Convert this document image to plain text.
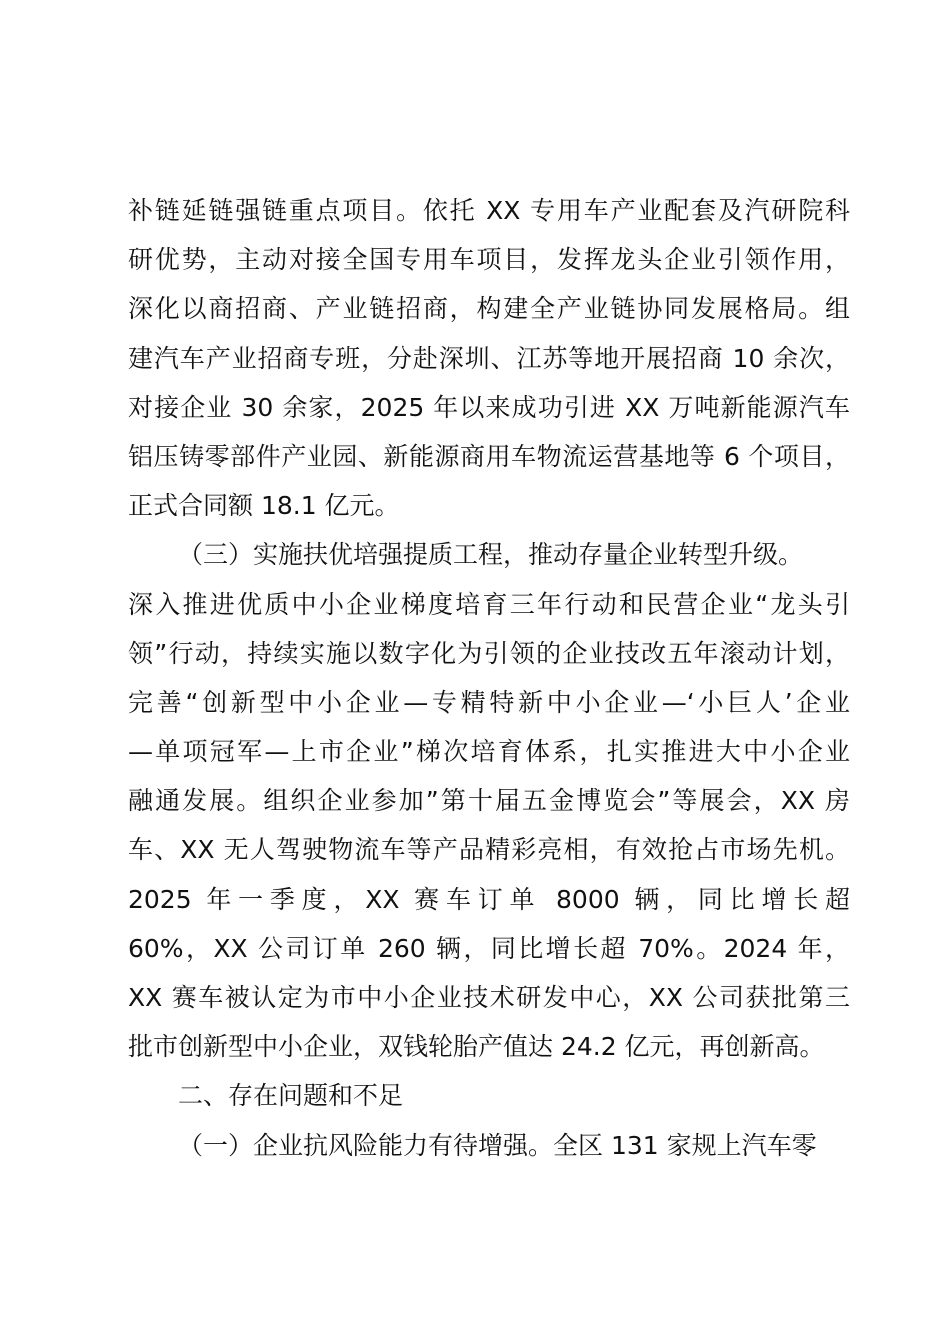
补链延链强链重点项目。依托 XX 专用车产业配套及汽研院科
研优势，主动对接全国专用车项目，发挥龙头企业引领作用，
深化以商招商、产业链招商，构建全产业链协同发展格局。组
建汽车产业招商专班，分赴深圳、江苏等地开展招商 10 余次，
对接企业 30 余家，2025 年以来成功引进 XX 万吨新能源汽车
铝压铸零部件产业园、新能源商用车物流运营基地等 6 个项目，
正式合同额 18.1 亿元。
（三）实施扶优培强提质工程，推动存量企业转型升级。
深入推进优质中小企业梯度培育三年行动和民营企业“龙头引
领”行动，持续实施以数字化为引领的企业技改五年滚动计划，
完善“创新型中小企业—专精特新中小企业—‘小巨人’企业
—单项冠军—上市企业”梯次培育体系，扎实推进大中小企业
融通发展。组织企业参加”第十届五金博览会”等展会，XX 房
车、XX 无人驾驶物流车等产品精彩亮相，有效抢占市场先机。
2025 年一季度，XX 赛车订单 8000 辆，同比增长超
60%，XX 公司订单 260 辆，同比增长超 70%。2024 年，
XX 赛车被认定为市中小企业技术研发中心，XX 公司获批第三
批市创新型中小企业，双钱轮胎产值达 24.2 亿元，再创新高。
二、存在问题和不足
（一）企业抗风险能力有待增强。全区 131 家规上汽车零
